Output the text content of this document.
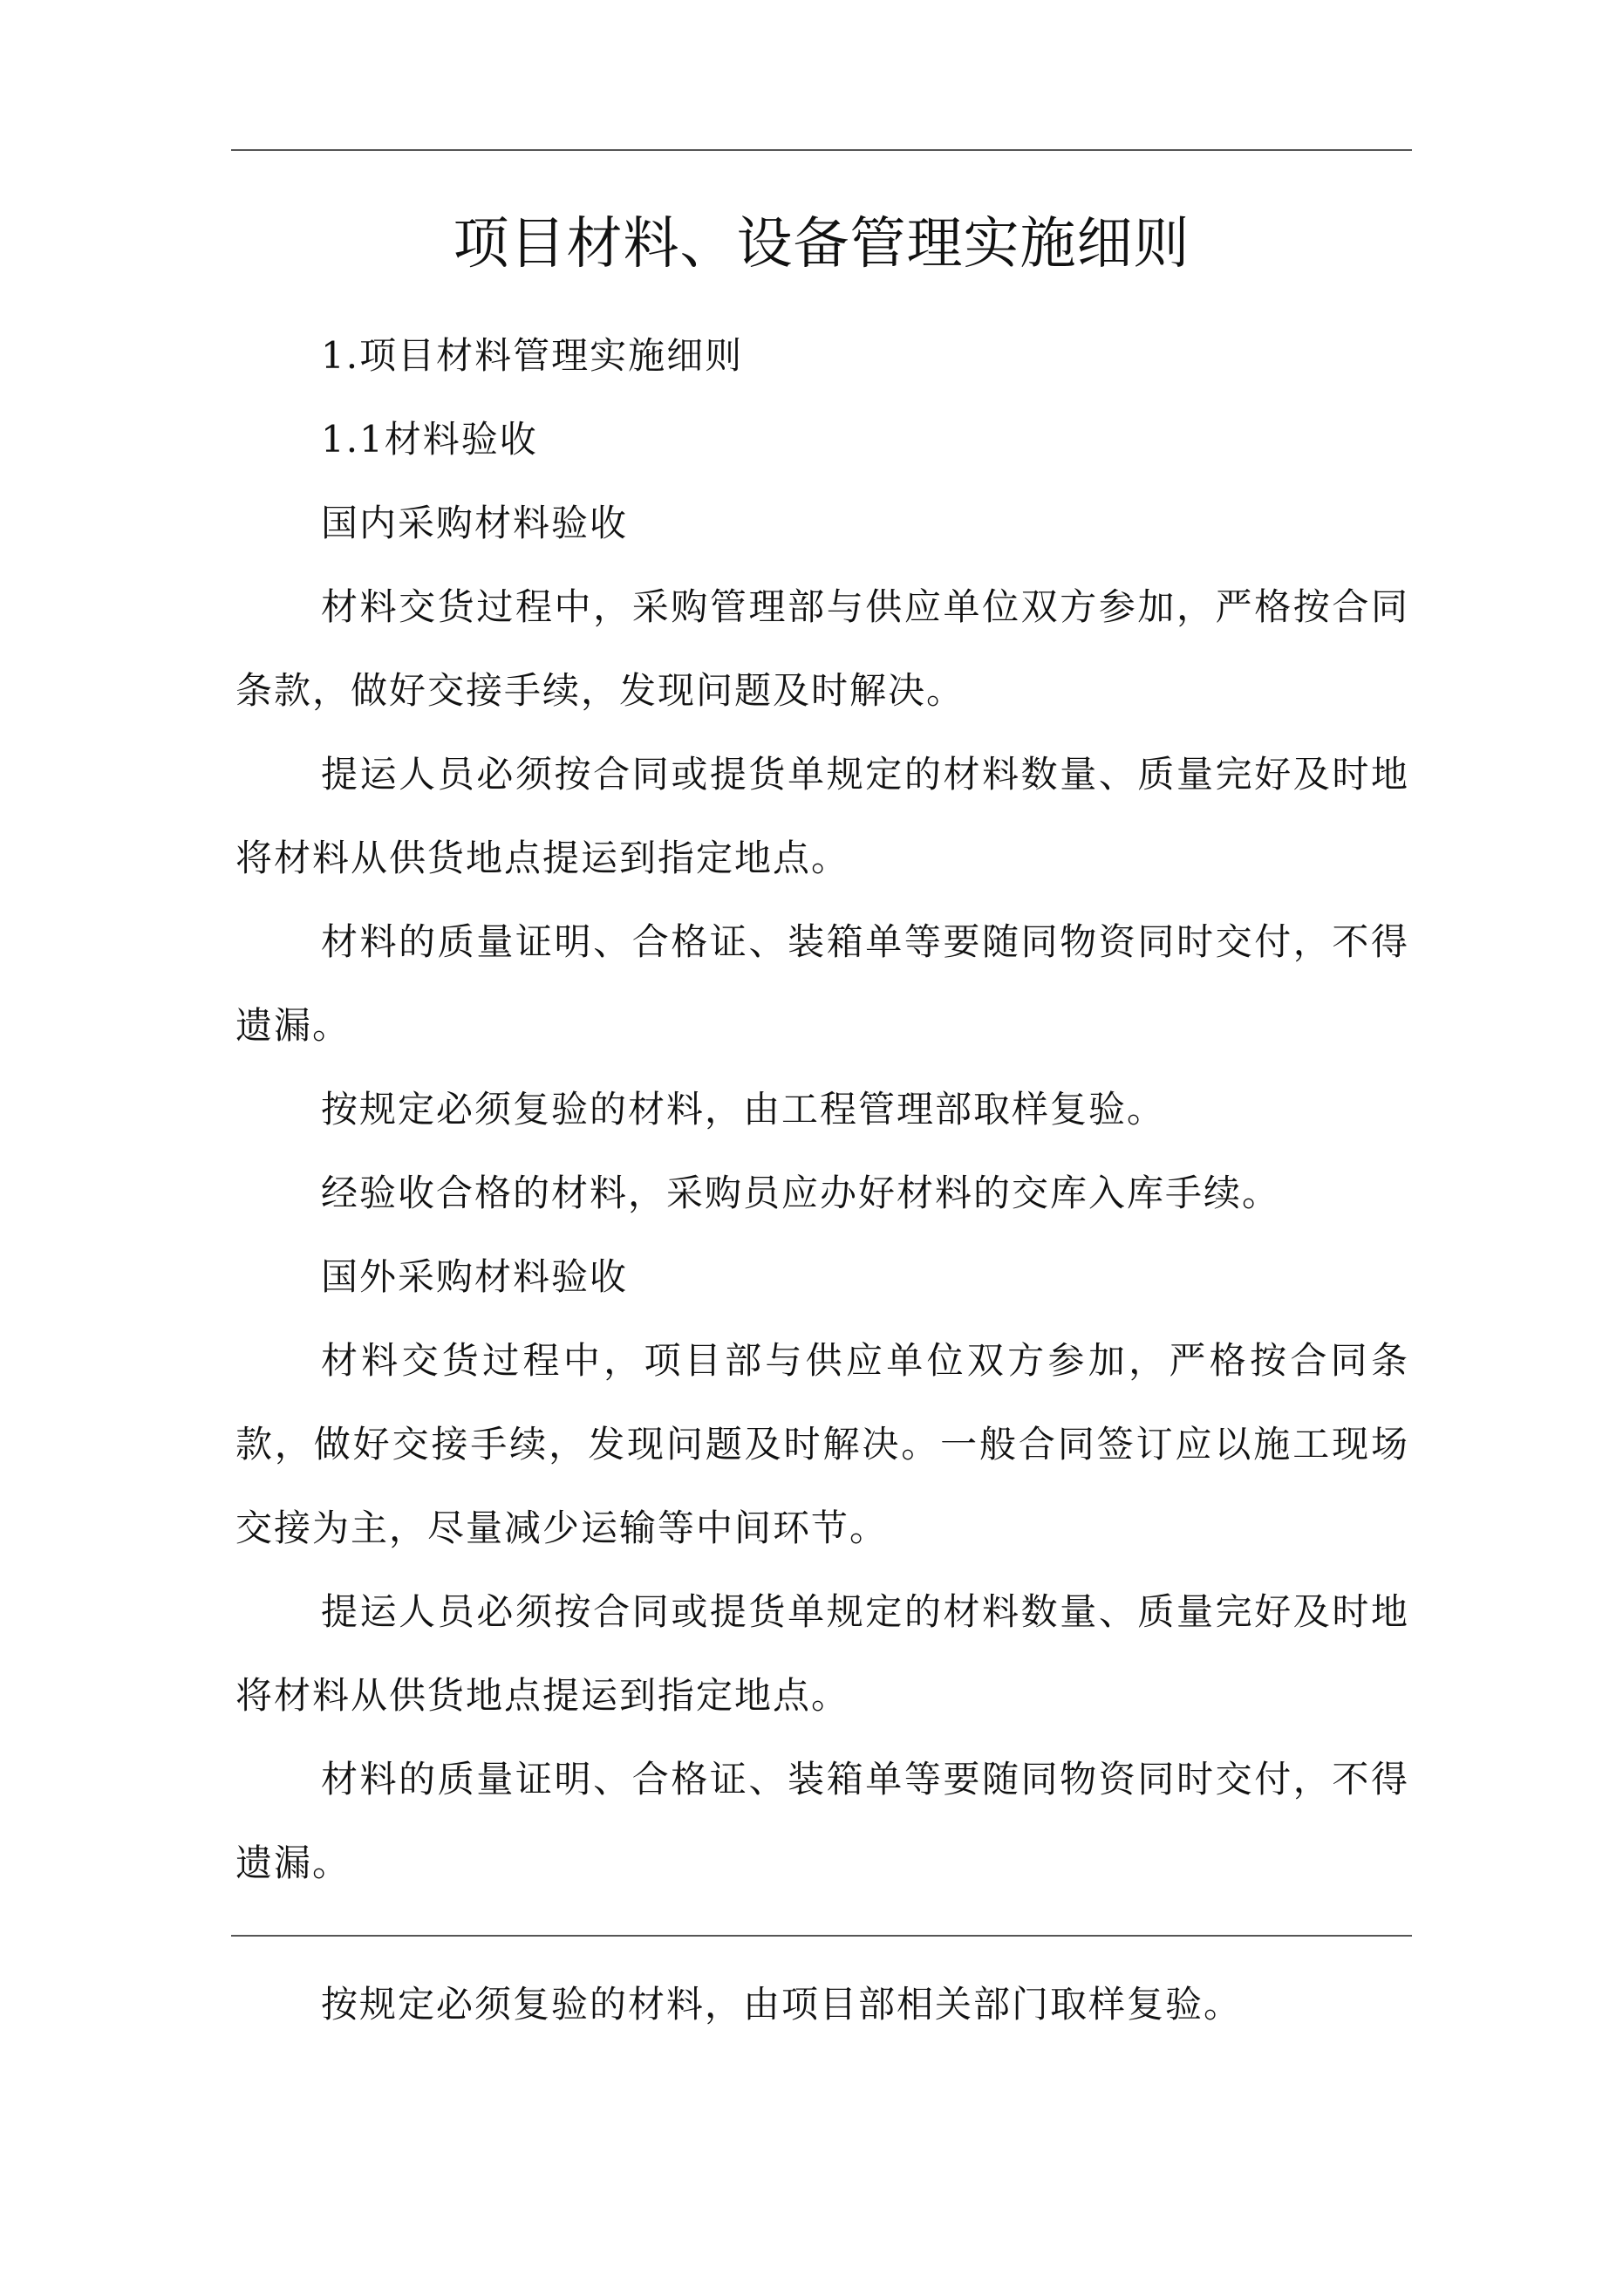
项目材料、设备管理实施细则

1.项目材料管理实施细则

1.1材料验收

国内采购材料验收

材料交货过程中，采购管理部与供应单位双方参加，严格按合同条款，做好交接手续，发现问题及时解决。

提运人员必须按合同或提货单规定的材料数量、质量完好及时地将材料从供货地点提运到指定地点。

材料的质量证明、合格证、装箱单等要随同物资同时交付，不得遗漏。

按规定必须复验的材料，由工程管理部取样复验。

经验收合格的材料，采购员应办好材料的交库入库手续。

国外采购材料验收

材料交货过程中，项目部与供应单位双方参加，严格按合同条款，做好交接手续，发现问题及时解决。一般合同签订应以施工现场交接为主，尽量减少运输等中间环节。

提运人员必须按合同或提货单规定的材料数量、质量完好及时地将材料从供货地点提运到指定地点。

材料的质量证明、合格证、装箱单等要随同物资同时交付，不得遗漏。

按规定必须复验的材料，由项目部相关部门取样复验。
